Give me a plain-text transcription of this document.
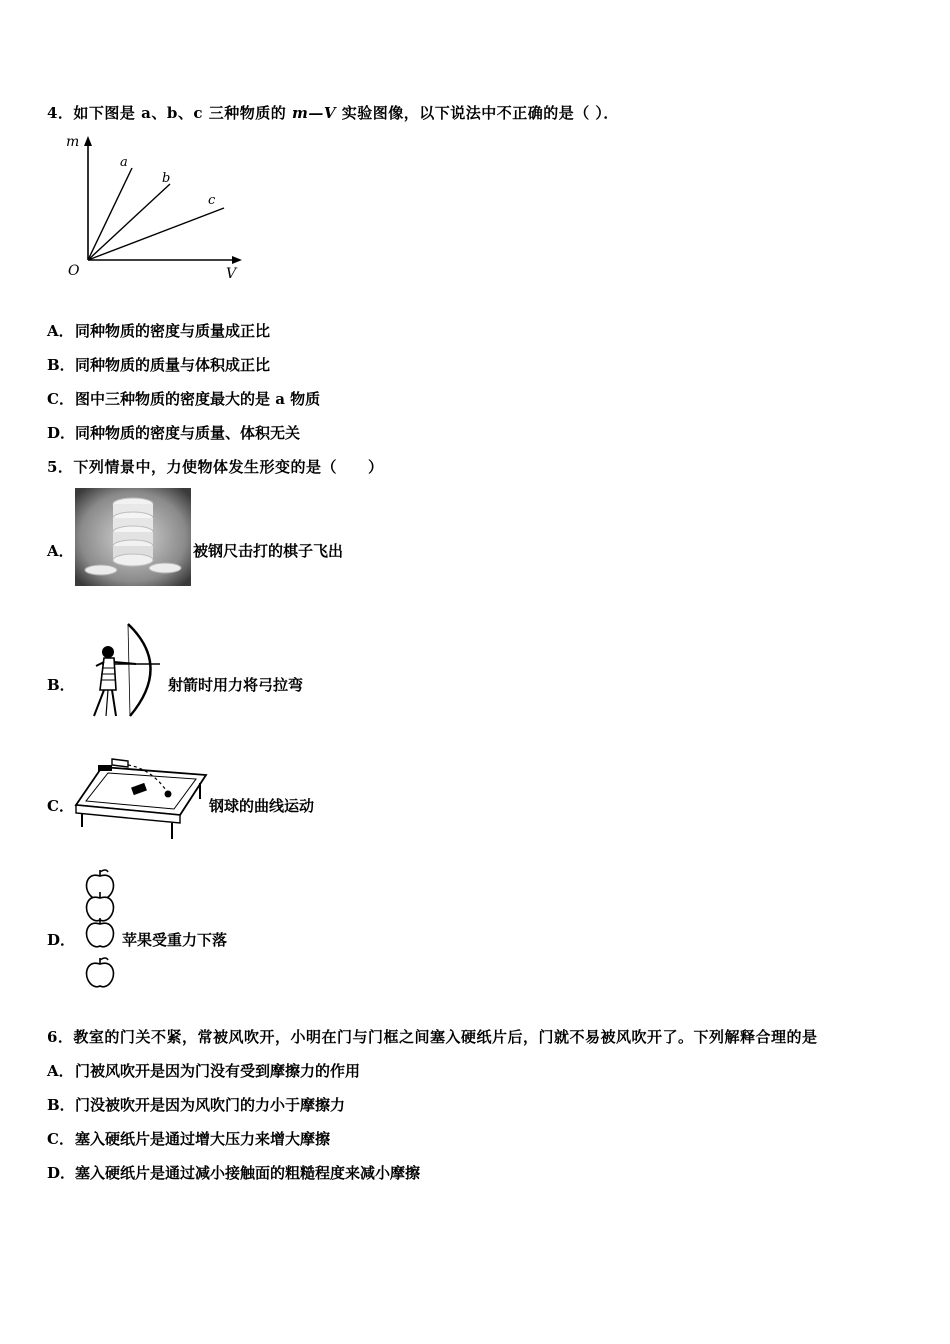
4．如下图是 a、b、c 三种物质的 m—V 实验图像，以下说法中不正确的是（ ）．
m
V
O
a
b
c
A．同种物质的密度与质量成正比
B．同种物质的质量与体积成正比
C．图中三种物质的密度最大的是 a 物质
D．同种物质的密度与质量、体积无关
5．下列情景中，力使物体发生形变的是（　　）
A．	被钢尺击打的棋子飞出
B．	射箭时用力将弓拉弯
C．	钢球的曲线运动
D．	苹果受重力下落
6．教室的门关不紧，常被风吹开，小明在门与门框之间塞入硬纸片后，门就不易被风吹开了。下列解释合理的是
A．门被风吹开是因为门没有受到摩擦力的作用
B．门没被吹开是因为风吹门的力小于摩擦力
C．塞入硬纸片是通过增大压力来增大摩擦
D．塞入硬纸片是通过减小接触面的粗糙程度来减小摩擦
